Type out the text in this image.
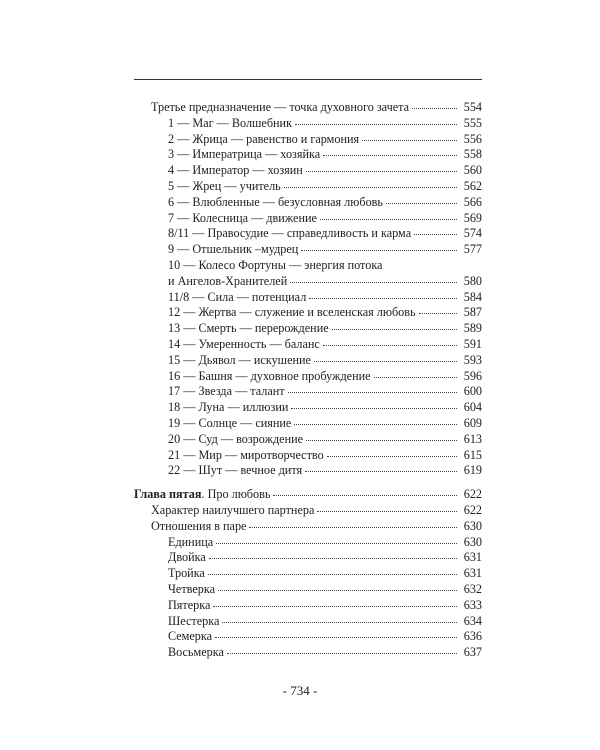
Третье предназначение — точка духовного зачета	554
1 — Маг — Волшебник	555
2 — Жрица — равенство и гармония	556
3 — Императрица — хозяйка	558
4 — Император — хозяин	560
5 — Жрец — учитель	562
6 — Влюбленные — безусловная любовь	566
7 — Колесница — движение	569
8/11 — Правосудие — справедливость и карма	574
9 — Отшельник –мудрец	577
10 — Колесо Фортуны — энергия потока
и Ангелов-Хранителей	580
11/8 — Сила — потенциал	584
12 — Жертва — служение и вселенская любовь	587
13 — Смерть — перерождение	589
14 — Умеренность — баланс	591
15 — Дьявол — искушение	593
16 — Башня — духовное пробуждение	596
17 — Звезда — талант	600
18 — Луна — иллюзии	604
19 — Солнце — сияние	609
20 — Суд — возрождение	613
21 — Мир — миротворчество	615
22 — Шут — вечное дитя	619
Глава пятая. Про любовь	622
Характер наилучшего партнера	622
Отношения в паре	630
Единица	630
Двойка	631
Тройка	631
Четверка	632
Пятерка	633
Шестерка	634
Семерка	636
Восьмерка	637
- 734 -
